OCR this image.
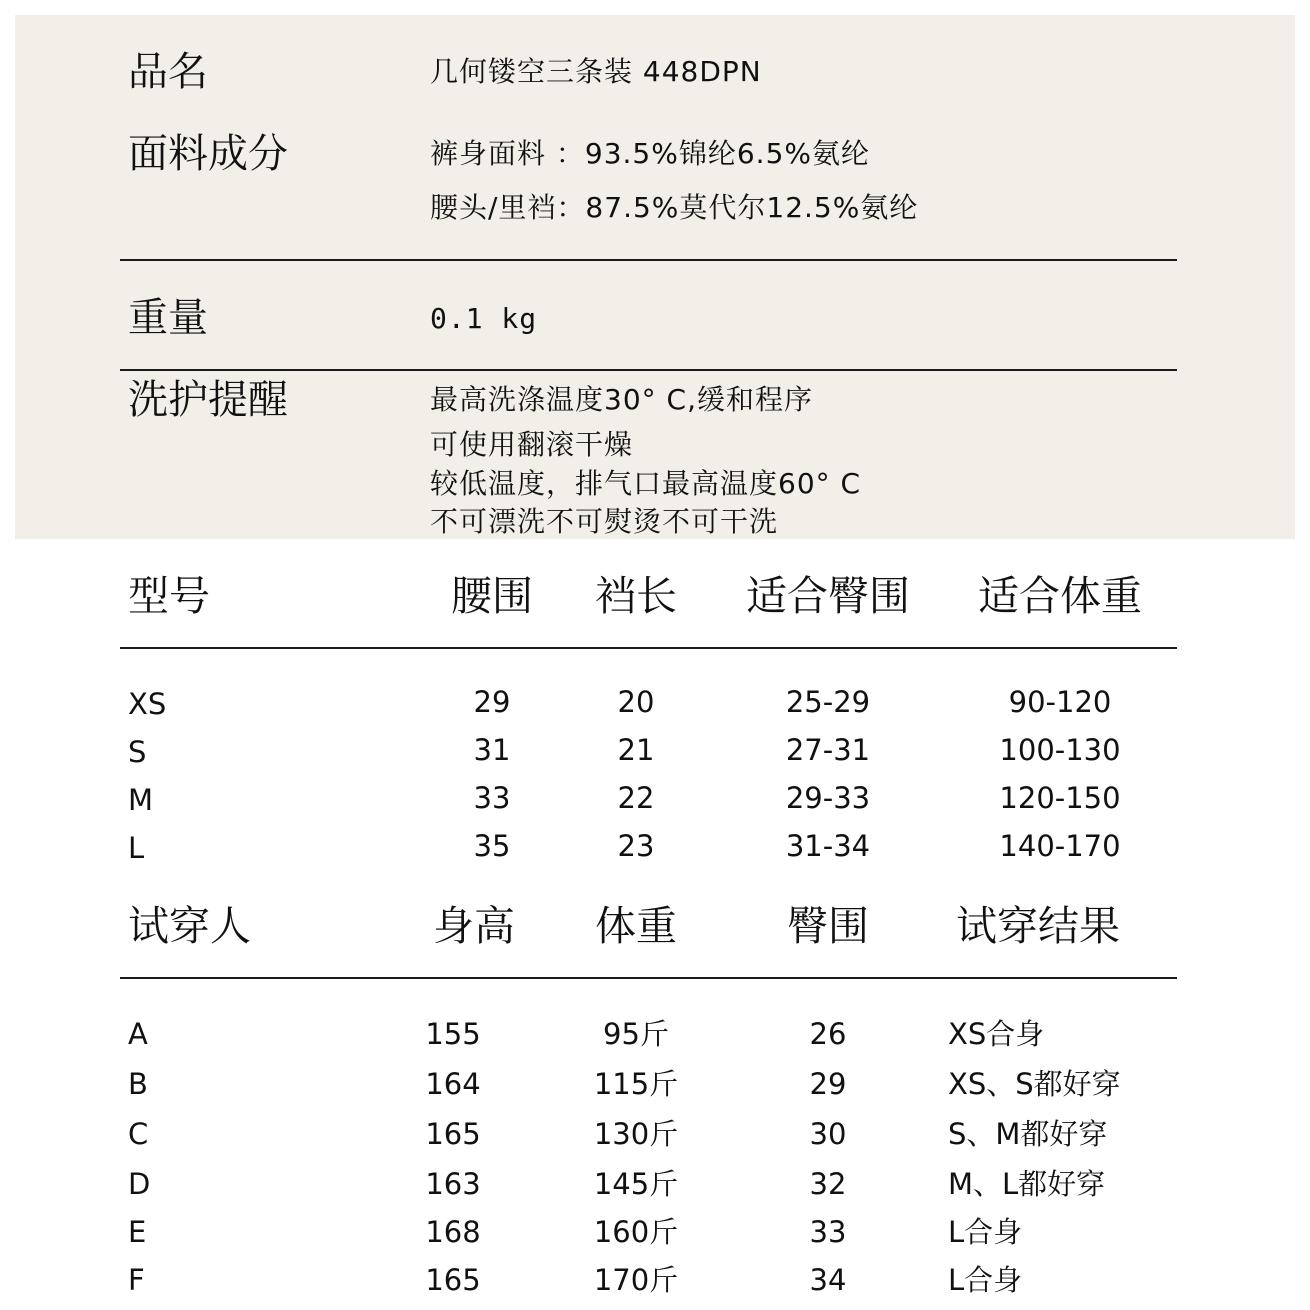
品名	几何镂空三条装 448DPN
面料成分	裤身面料 ：93.5%锦纶6.5%氨纶
腰头/里裆：87.5%莫代尔12.5%氨纶
重量	0.1 kg
洗护提醒	最高洗涤温度30° C,缓和程序
可使用翻滚干燥
较低温度，排气口最高温度60° C
不可漂洗不可熨烫不可干洗
型号	腰围 裆长 适合臀围 适合体重
XS	29	20	25-29	90-120
S	31	21	27-31	100-130
M	33	22	29-33	120-150
L	35	23	31-34	140-170
试穿人	身高 体重	臀围 试穿结果
A	155	95斤	26	XS合身
B	164	115斤	29	XS、S都好穿
C	165	130斤	30	S、M都好穿
D	163	145斤	32	M、L都好穿
E	168	160斤	33	L合身
F	165	170斤	34	L合身
